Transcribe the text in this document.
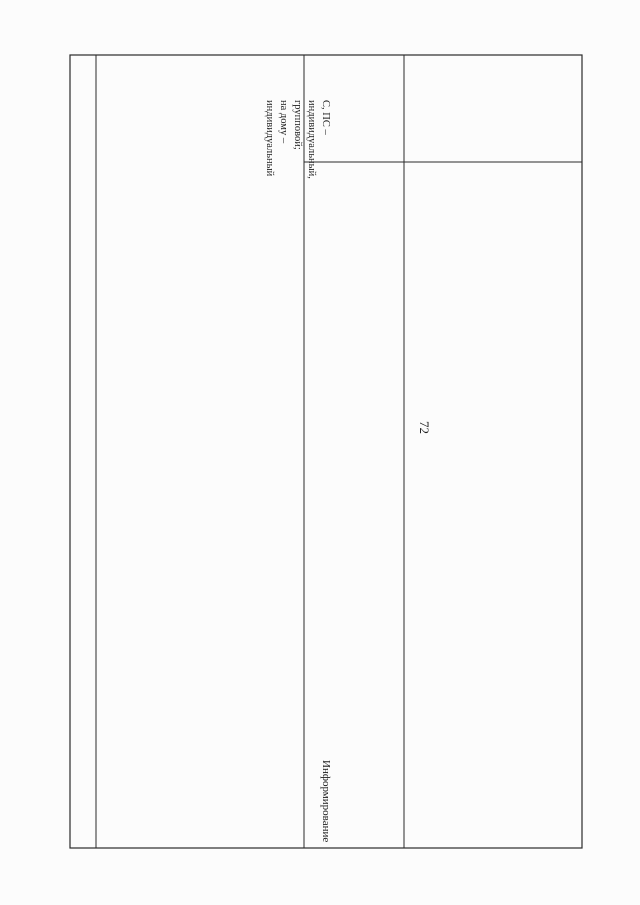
72
Информирование
С, ПС –
индивидуальный,
групповой;
на дому –
индивидуальный
